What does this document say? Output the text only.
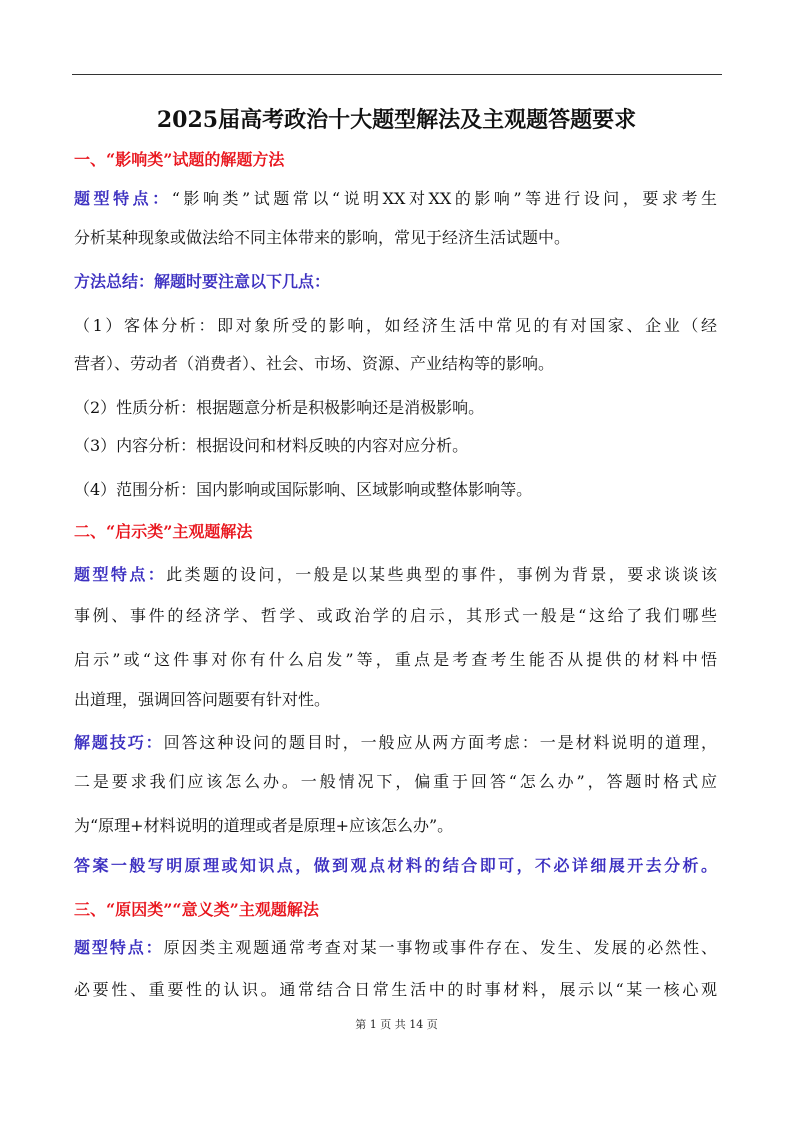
2025届高考政治十大题型解法及主观题答题要求
一、“影响类”试题的解题方法
题型特点：“影响类”试题常以“说明XX对XX的影响”等进行设问，要求考生
分析某种现象或做法给不同主体带来的影响，常见于经济生活试题中。
方法总结：解题时要注意以下几点：
（1）客体分析：即对象所受的影响，如经济生活中常见的有对国家、企业（经
营者）、劳动者（消费者）、社会、市场、资源、产业结构等的影响。
（2）性质分析：根据题意分析是积极影响还是消极影响。
（3）内容分析：根据设问和材料反映的内容对应分析。
（4）范围分析：国内影响或国际影响、区域影响或整体影响等。
二、“启示类”主观题解法
题型特点：此类题的设问，一般是以某些典型的事件，事例为背景，要求谈谈该
事例、事件的经济学、哲学、或政治学的启示，其形式一般是“这给了我们哪些
启示”或“这件事对你有什么启发”等，重点是考查考生能否从提供的材料中悟
出道理，强调回答问题要有针对性。
解题技巧：回答这种设问的题目时，一般应从两方面考虑：一是材料说明的道理，
二是要求我们应该怎么办。一般情况下，偏重于回答“怎么办”，答题时格式应
为“原理+材料说明的道理或者是原理+应该怎么办”。
答案一般写明原理或知识点，做到观点材料的结合即可，不必详细展开去分析。
三、“原因类”“意义类”主观题解法
题型特点：原因类主观题通常考查对某一事物或事件存在、发生、发展的必然性、
必要性、重要性的认识。通常结合日常生活中的时事材料，展示以“某一核心观
第 1 页 共 14 页
